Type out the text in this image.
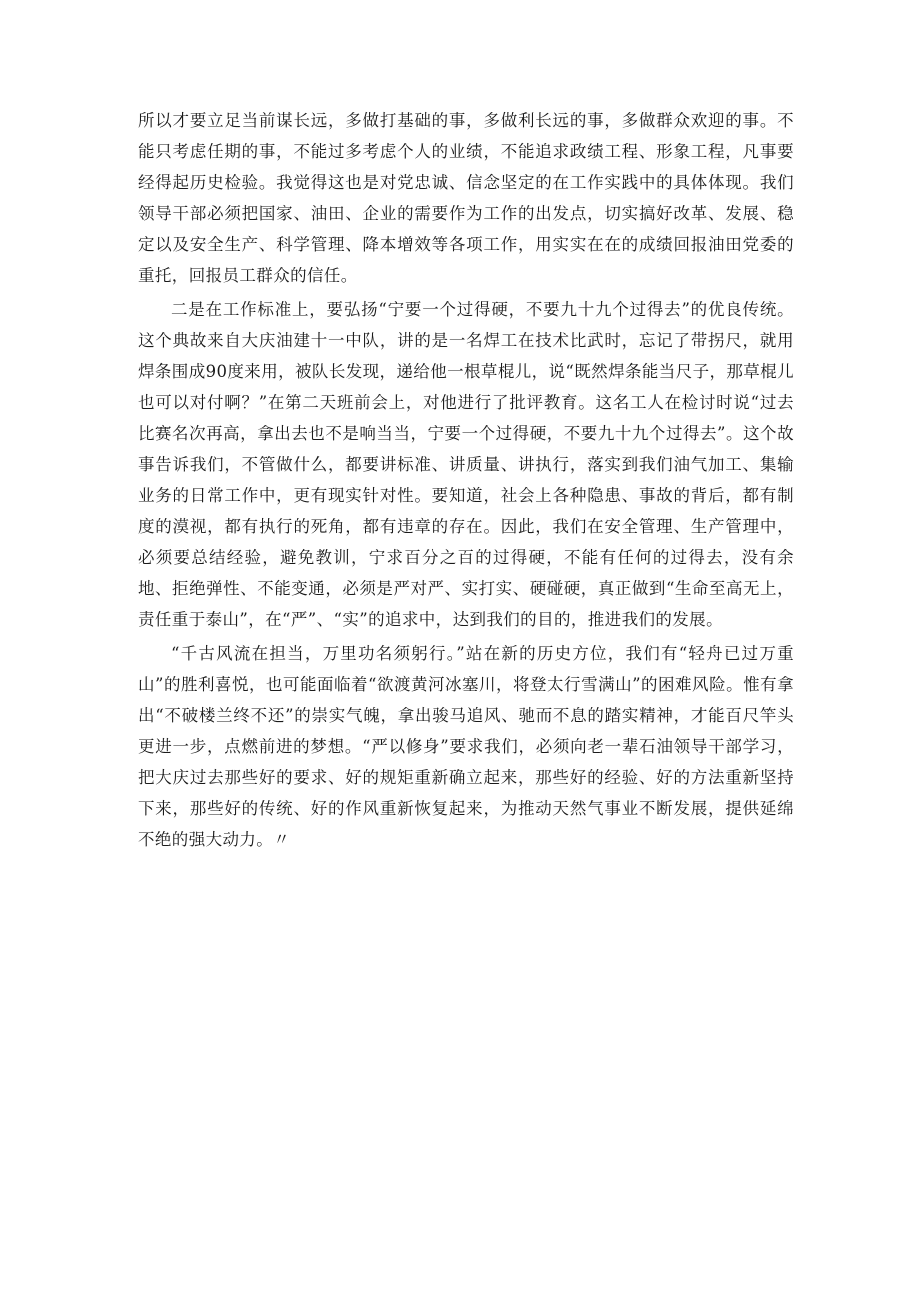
所以才要立足当前谋长远，多做打基础的事，多做利长远的事，多做群众欢迎的事。不能只考虑任期的事，不能过多考虑个人的业绩，不能追求政绩工程、形象工程，凡事要经得起历史检验。我觉得这也是对党忠诚、信念坚定的在工作实践中的具体体现。我们领导干部必须把国家、油田、企业的需要作为工作的出发点，切实搞好改革、发展、稳定以及安全生产、科学管理、降本增效等各项工作，用实实在在的成绩回报油田党委的重托，回报员工群众的信任。

二是在工作标准上，要弘扬“宁要一个过得硬，不要九十九个过得去”的优良传统。这个典故来自大庆油建十一中队，讲的是一名焊工在技术比武时，忘记了带拐尺，就用焊条围成90度来用，被队长发现，递给他一根草棍儿，说“既然焊条能当尺子，那草棍儿也可以对付啊？”在第二天班前会上，对他进行了批评教育。这名工人在检讨时说“过去比赛名次再高，拿出去也不是响当当，宁要一个过得硬，不要九十九个过得去”。这个故事告诉我们，不管做什么，都要讲标准、讲质量、讲执行，落实到我们油气加工、集输业务的日常工作中，更有现实针对性。要知道，社会上各种隐患、事故的背后，都有制度的漠视，都有执行的死角，都有违章的存在。因此，我们在安全管理、生产管理中，必须要总结经验，避免教训，宁求百分之百的过得硬，不能有任何的过得去，没有余地、拒绝弹性、不能变通，必须是严对严、实打实、硬碰硬，真正做到“生命至高无上，责任重于泰山”，在“严”、“实”的追求中，达到我们的目的，推进我们的发展。

“千古风流在担当，万里功名须躬行。”站在新的历史方位，我们有“轻舟已过万重山”的胜利喜悦，也可能面临着“欲渡黄河冰塞川，将登太行雪满山”的困难风险。惟有拿出“不破楼兰终不还”的崇实气魄，拿出骏马追风、驰而不息的踏实精神，才能百尺竿头更进一步，点燃前进的梦想。“严以修身”要求我们，必须向老一辈石油领导干部学习，把大庆过去那些好的要求、好的规矩重新确立起来，那些好的经验、好的方法重新坚持下来，那些好的传统、好的作风重新恢复起来，为推动天然气事业不断发展，提供延绵不绝的强大动力。〃
